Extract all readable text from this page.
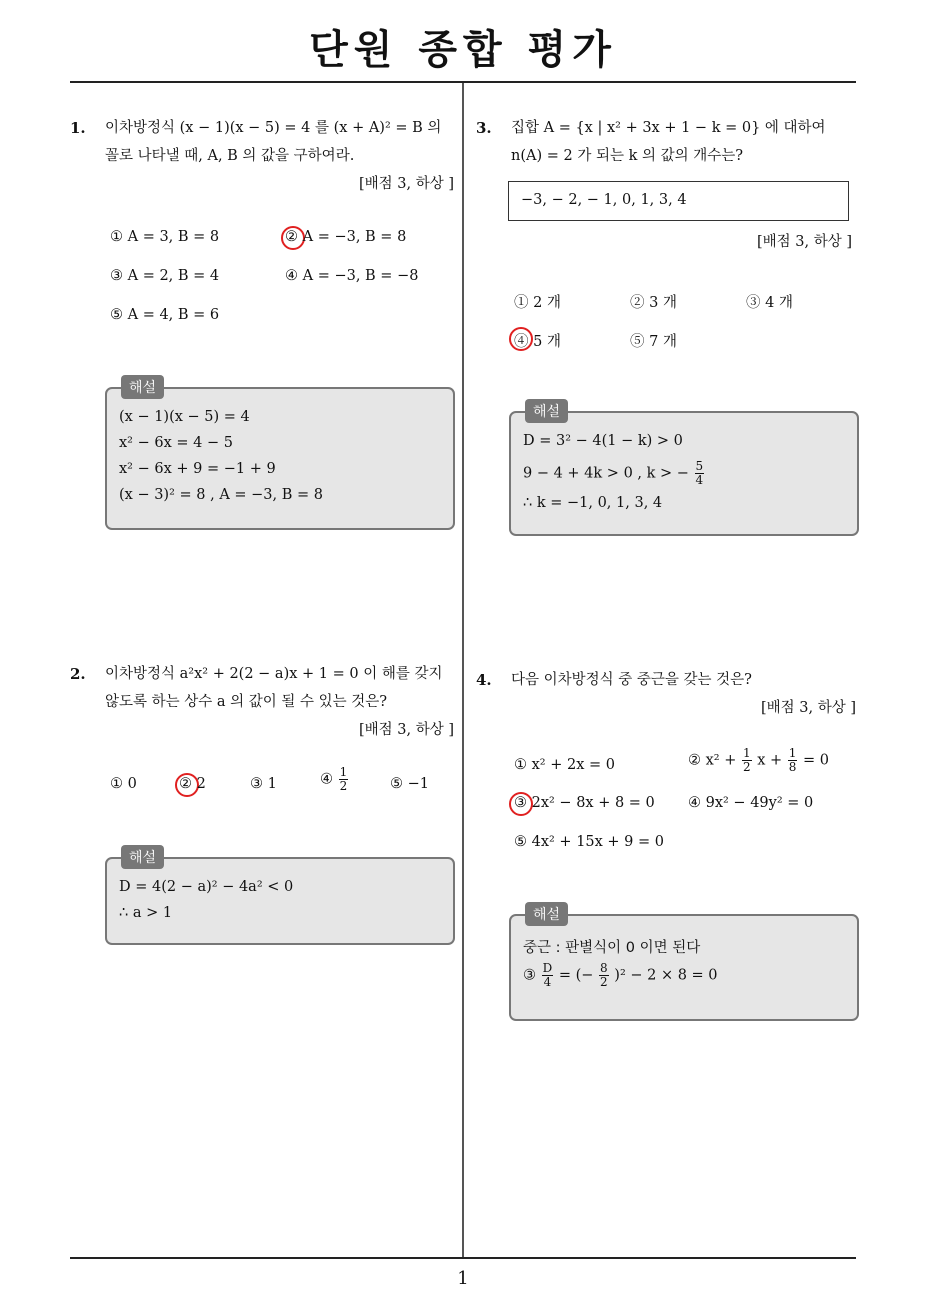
단원 종합 평가
1
1. 이차방정식 (x − 1)(x − 5) = 4 를 (x + A)² = B 의
꼴로 나타낼 때, A, B 의 값을 구하여라.
[배점 3, 하상 ]
① A = 3, B = 8	② A = −3, B = 8
③ A = 2, B = 4	④ A = −3, B = −8
⑤ A = 4, B = 6
해설
(x − 1)(x − 5) = 4
x² − 6x = 4 − 5
x² − 6x + 9 = −1 + 9
(x − 3)² = 8 , A = −3, B = 8
2. 이차방정식 a²x² + 2(2 − a)x + 1 = 0 이 해를 갖지
않도록 하는 상수 a 의 값이 될 수 있는 것은?
[배점 3, 하상 ]
① 0	② 2	③ 1	④ $\frac{1}{2}$	⑤ −1
해설
D = 4(2 − a)² − 4a² < 0
∴ a > 1
3. 집합 A = {x | x² + 3x + 1 − k = 0} 에 대하여
n(A) = 2 가 되는 k 의 값의 개수는?
−3, − 2, − 1, 0, 1, 3, 4
[배점 3, 하상 ]
① 2 개	② 3 개	③ 4 개
④ 5 개	⑤ 7 개
해설
D = 3² − 4(1 − k) > 0
9 − 4 + 4k > 0 , k > − $\frac{5}{4}$
∴ k = −1, 0, 1, 3, 4
4. 다음 이차방정식 중 중근을 갖는 것은?
[배점 3, 하상 ]
① x² + 2x = 0	② $x^2 + \frac{1}{2}$ $x + \frac{1}{8} = 0$
③ 2x² − 8x + 8 = 0 ④ 9x² − 49y² = 0
⑤ 4x² + 15x + 9 = 0
해설
중근 : 판별식이 0 이면 된다
③ $\frac{D}{4}$ = (− $\frac{8}{2} )^2 - 2 \times 8 = 0$
